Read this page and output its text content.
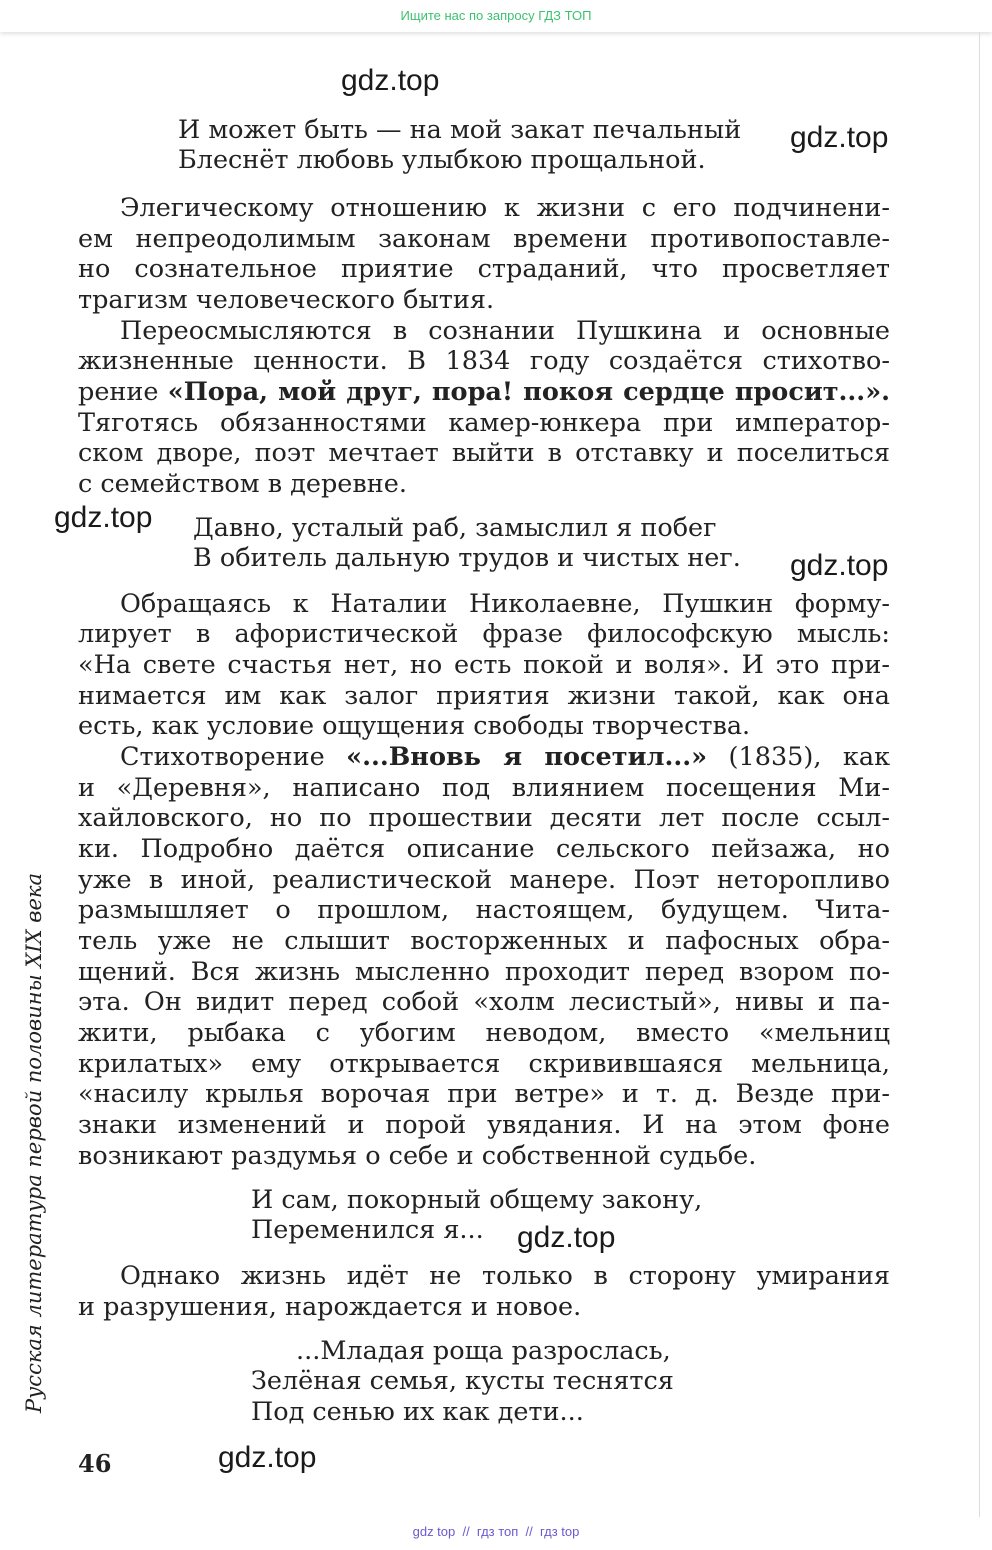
Ищите нас по запросу ГДЗ ТОП
gdz.top
gdz.top
gdz.top
gdz.top
gdz.top
gdz.top
И может быть — на мой закат печальный
Блеснёт любовь улыбкою прощальной.
Элегическому отношению к жизни с его подчинени-
ем непреодолимым законам времени противопоставле-
но сознательное приятие страданий, что просветляет
трагизм человеческого бытия.
Переосмысляются в сознании Пушкина и основные
жизненные ценности. В 1834 году создаётся стихотво-
рение «Пора, мой друг, пора! покоя сердце просит...».
Тяготясь обязанностями камер-юнкера при император-
ском дворе, поэт мечтает выйти в отставку и поселиться
с семейством в деревне.
Давно, усталый раб, замыслил я побег
В обитель дальную трудов и чистых нег.
Обращаясь к Наталии Николаевне, Пушкин форму-
лирует в афористической фразе философскую мысль:
«На свете счастья нет, но есть покой и воля». И это при-
нимается им как залог приятия жизни такой, как она
есть, как условие ощущения свободы творчества.
Стихотворение «...Вновь я посетил...» (1835), как
и «Деревня», написано под влиянием посещения Ми-
хайловского, но по прошествии десяти лет после ссыл-
ки. Подробно даётся описание сельского пейзажа, но
уже в иной, реалистической манере. Поэт неторопливо
размышляет о прошлом, настоящем, будущем. Чита-
тель уже не слышит восторженных и пафосных обра-
щений. Вся жизнь мысленно проходит перед взором по-
эта. Он видит перед собой «холм лесистый», нивы и па-
жити, рыбака с убогим неводом, вместо «мельниц
крилатых» ему открывается скривившаяся мельница,
«насилу крылья ворочая при ветре» и т. д. Везде при-
знаки изменений и порой увядания. И на этом фоне
возникают раздумья о себе и собственной судьбе.
И сам, покорный общему закону,
Переменился я...
Однако жизнь идёт не только в сторону умирания
и разрушения, нарождается и новое.
...Младая роща разрослась,
Зелёная семья, кусты теснятся
Под сенью их как дети...
Русская литература первой половины XIX века
46
gdz top  //  гдз топ  //  гдз top
